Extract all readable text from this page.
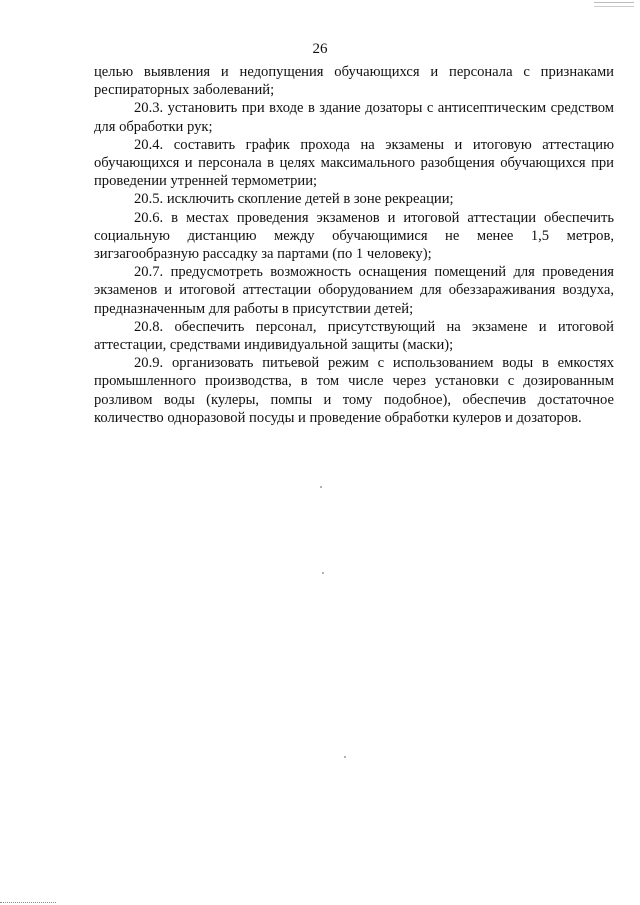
26

целью выявления и недопущения обучающихся и персонала с признаками респираторных заболеваний;

20.3. установить при входе в здание дозаторы с антисептическим средством для обработки рук;

20.4. составить график прохода на экзамены и итоговую аттестацию обучающихся и персонала в целях максимального разобщения обучающихся при проведении утренней термометрии;

20.5. исключить скопление детей в зоне рекреации;

20.6. в местах проведения экзаменов и итоговой аттестации обеспечить социальную дистанцию между обучающимися не менее 1,5 метров, зигзагообразную рассадку за партами (по 1 человеку);

20.7. предусмотреть возможность оснащения помещений для проведения экзаменов и итоговой аттестации оборудованием для обеззараживания воздуха, предназначенным для работы в присутствии детей;

20.8. обеспечить персонал, присутствующий на экзамене и итоговой аттестации, средствами индивидуальной защиты (маски);

20.9. организовать питьевой режим с использованием воды в емкостях промышленного производства, в том числе через установки с дозированным розливом воды (кулеры, помпы и тому подобное), обеспечив достаточное количество одноразовой посуды и проведение обработки кулеров и дозаторов.
